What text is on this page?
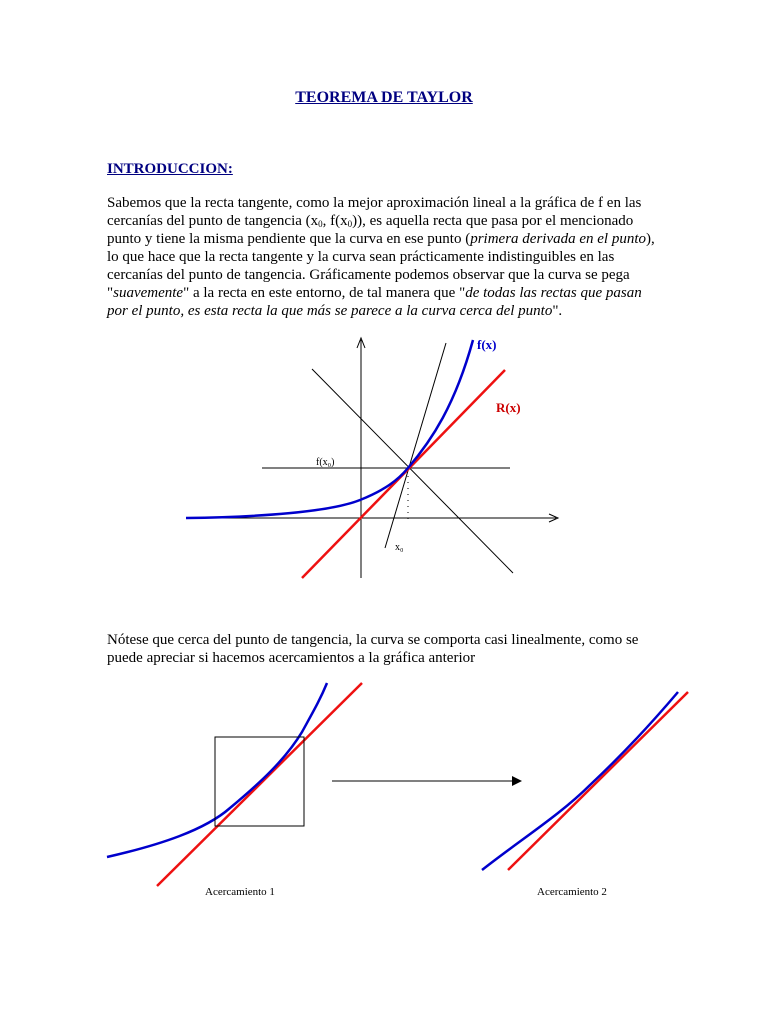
TEOREMA DE TAYLOR
INTRODUCCION:
Sabemos que la recta tangente, como la mejor aproximación lineal a la gráfica de f en las
cercanías del punto de tangencia ($x_0$, $f(x_0)$), es aquella recta que pasa por el mencionado
punto y tiene la misma pendiente que la curva en ese punto (primera derivada en el punto),
lo que hace que la recta tangente y la curva sean prácticamente indistinguibles en las
cercanías del punto de tangencia. Gráficamente podemos observar que la curva se pega
"suavemente" a la recta en este entorno, de tal manera que "de todas las rectas que pasan
por el punto, es esta recta la que más se parece a la curva cerca del punto".
Nótese que cerca del punto de tangencia, la curva se comporta casi linealmente, como se
puede apreciar si hacemos acercamientos a la gráfica anterior
f(x)
R(x)
f(x₀)
x₀
Acercamiento 1	Acercamiento 2
